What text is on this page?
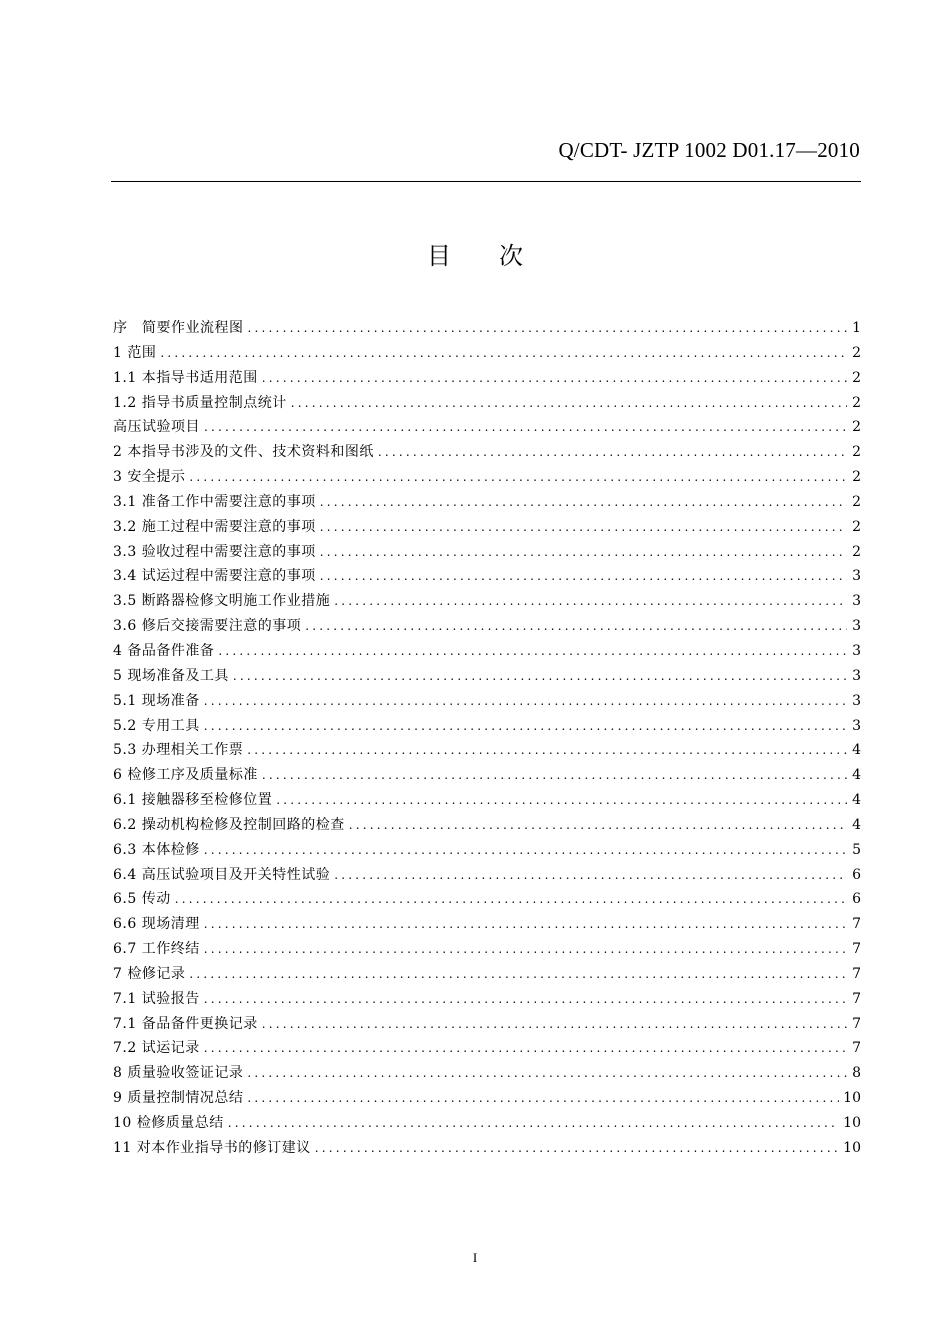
Q/CDT- JZTP 1002 D01.17—2010
目 次
序　简要作业流程图 .....	1
1 范围 .....	2
1.1 本指导书适用范围 .....	2
1.2 指导书质量控制点统计 .....	2
高压试验项目 .....	2
2 本指导书涉及的文件、技术资料和图纸 .....	2
3 安全提示 .....	2
3.1 准备工作中需要注意的事项 .....	2
3.2 施工过程中需要注意的事项 .....	2
3.3 验收过程中需要注意的事项 .....	2
3.4 试运过程中需要注意的事项 .....	3
3.5 断路器检修文明施工作业措施 .....	3
3.6 修后交接需要注意的事项 .....	3
4 备品备件准备 .....	3
5 现场准备及工具 .....	3
5.1 现场准备 .....	3
5.2 专用工具 .....	3
5.3 办理相关工作票 .....	4
6 检修工序及质量标准 .....	4
6.1 接触器移至检修位置 .....	4
6.2 操动机构检修及控制回路的检查 .....	4
6.3 本体检修 .....	5
6.4 高压试验项目及开关特性试验 .....	6
6.5 传动 .....	6
6.6 现场清理 .....	7
6.7 工作终结 .....	7
7 检修记录 .....	7
7.1 试验报告 .....	7
7.1 备品备件更换记录 .....	7
7.2 试运记录 .....	7
8 质量验收签证记录 .....	8
9 质量控制情况总结 .....	10
10 检修质量总结 .....	10
11 对本作业指导书的修订建议 .....	10
I
